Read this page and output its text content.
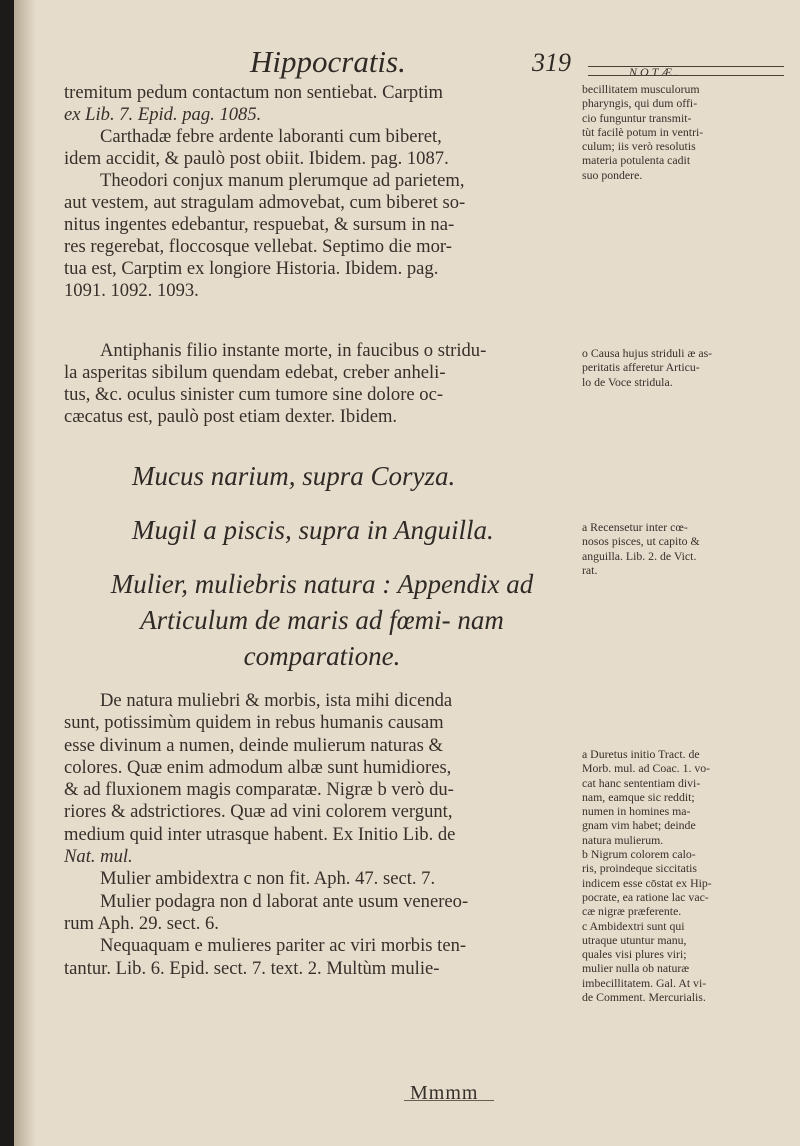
Hippocratis.	319	NOTÆ.

tremitum pedum contactum non sentiebat. Carptim

ex Lib. 7. Epid. pag. 1085.

Carthadæ febre ardente laboranti cum biberet,

idem accidit, & paulò post obiit. Ibidem. pag. 1087.

Theodori conjux manum plerumque ad parietem,

aut vestem, aut stragulam admovebat, cum biberet so-

nitus ingentes edebantur, respuebat, & sursum in na-

res regerebat, floccosque vellebat. Septimo die mor-

tua est, Carptim ex longiore Historia. Ibidem. pag.

1091. 1092. 1093.

Antiphanis filio instante morte, in faucibus o stridu-

la asperitas sibilum quendam edebat, creber anheli-

tus, &c. oculus sinister cum tumore sine dolore oc-

cæcatus est, paulò post etiam dexter. Ibidem.

Mucus narium, supra Coryza.
Mugil a piscis, supra in Anguilla.
Mulier, muliebris natura : Appendix ad Articulum de maris ad fœmi- nam comparatione.

De natura muliebri & morbis, ista mihi dicenda

sunt, potissimùm quidem in rebus humanis causam

esse divinum a numen, deinde mulierum naturas &

colores. Quæ enim admodum albæ sunt humidiores,

& ad fluxionem magis comparatæ. Nigræ b verò du-

riores & adstrictiores. Quæ ad vini colorem vergunt,

medium quid inter utrasque habent. Ex Initio Lib. de

Nat. mul.

Mulier ambidextra c non fit. Aph. 47. sect. 7.

Mulier podagra non d laborat ante usum venereo-

rum Aph. 29. sect. 6.

Nequaquam e mulieres pariter ac viri morbis ten-

tantur. Lib. 6. Epid. sect. 7. text. 2. Multùm mulie-

Mmmm

becillitatem musculorum

pharyngis, qui dum offi-

cio funguntur transmit-

tùt facilè potum in ventri-

culum; iis verò resolutis

materia potulenta cadit

suo pondere.

o Causa hujus striduli æ as-

peritatis afferetur Articu-

lo de Voce stridula.

a Recensetur inter cœ-

nosos pisces, ut capito &

anguilla. Lib. 2. de Vict.

rat.

a Duretus initio Tract. de

Morb. mul. ad Coac. 1. vo-

cat hanc sententiam divi-

nam, eamque sic reddit;

numen in homines ma-

gnam vim habet; deinde

natura mulierum.

b Nigrum colorem calo-

ris, proindeque siccitatis

indicem esse cōstat ex Hip-

pocrate, ea ratione lac vac-

cæ nigræ præferente.

c Ambidextri sunt qui

utraque utuntur manu,

quales visi plures viri;

mulier nulla ob naturæ

imbecillitatem. Gal. At vi-

de Comment. Mercurialis.
